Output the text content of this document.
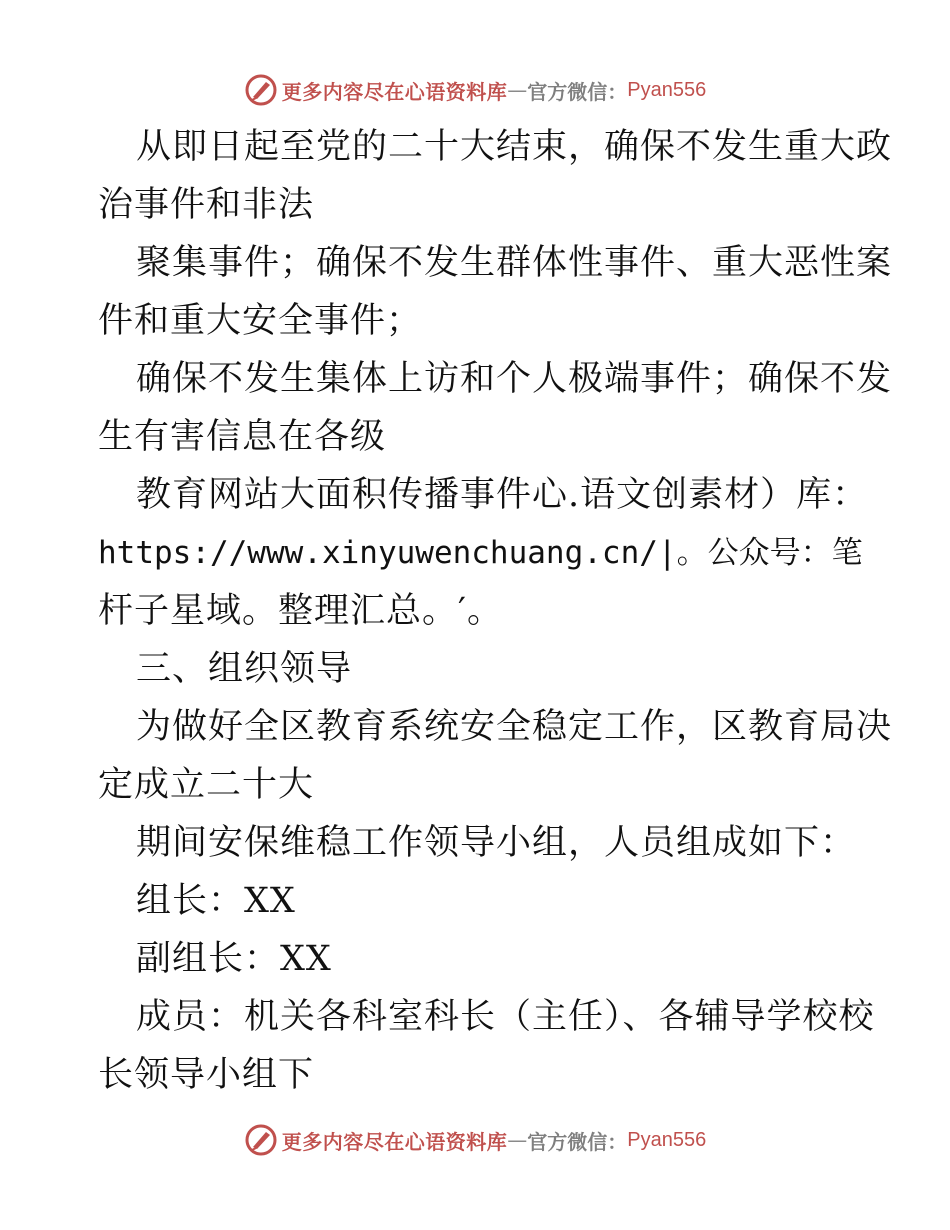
更多内容尽在心语资料库 — 官方微信： Pyan556
从即日起至党的二十大结束，确保不发生重大政
治事件和非法
聚集事件；确保不发生群体性事件、重大恶性案
件和重大安全事件；
确保不发生集体上访和个人极端事件；确保不发
生有害信息在各级
教育网站大面积传播事件心.语文创素材）库：
https://www.xinyuwenchuang.cn/|。公众号：笔
杆子星域。整理汇总。′。
三、组织领导
为做好全区教育系统安全稳定工作，区教育局决
定成立二十大
期间安保维稳工作领导小组，人员组成如下：
组长：XX
副组长：XX
成员：机关各科室科长（主任）、各辅导学校校
长领导小组下
更多内容尽在心语资料库 — 官方微信： Pyan556
